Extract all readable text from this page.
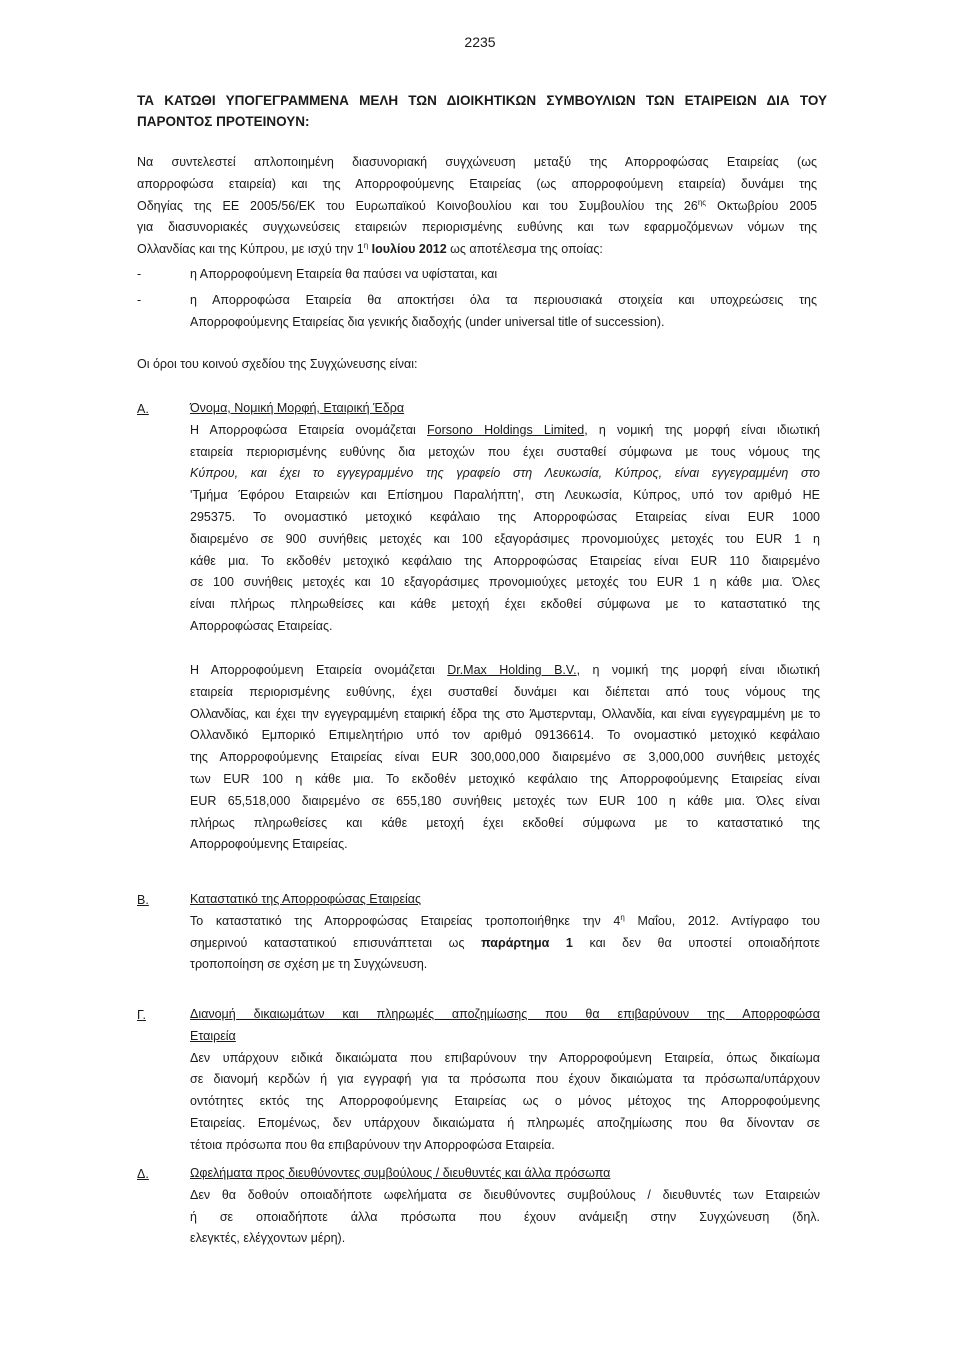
2235
ΤΑ ΚΑΤΩΘΙ ΥΠΟΓΕΓΡΑΜΜΕΝΑ ΜΕΛΗ ΤΩΝ ΔΙΟΙΚΗΤΙΚΩΝ ΣΥΜΒΟΥΛΙΩΝ ΤΩΝ ΕΤΑΙΡΕΙΩΝ ΔΙΑ ΤΟΥ
ΠΑΡΟΝΤΟΣ ΠΡΟΤΕΙΝΟΥΝ:
Να συντελεστεί απλοποιημένη διασυνοριακή συγχώνευση μεταξύ της Απορροφώσας Εταιρείας (ως
απορροφώσα εταιρεία) και της Απορροφούμενης Εταιρείας (ως απορροφούμενη εταιρεία) δυνάμει της
Οδηγίας της ΕΕ 2005/56/ΕΚ του Ευρωπαϊκού Κοινοβουλίου και του Συμβουλίου της $26^{\eta\varsigma}$ Οκτωβρίου 2005
για διασυνοριακές συγχωνεύσεις εταιρειών περιορισμένης ευθύνης και των εφαρμοζόμενων νόμων της
Ολλανδίας και της Κύπρου, με ισχύ την $1^\eta$ Ιουλίου 2012 ως αποτέλεσμα της οποίας:
-	η Απορροφούμενη Εταιρεία θα παύσει να υφίσταται, και
-	η Απορροφώσα Εταιρεία θα αποκτήσει όλα τα περιουσιακά στοιχεία και υποχρεώσεις της
Απορροφούμενης Εταιρείας δια γενικής διαδοχής (under universal title of succession).
Οι όροι του κοινού σχεδίου της Συγχώνευσης είναι:
Α.	Όνομα, Νομική Μορφή, Εταιρική Έδρα
Η Απορροφώσα Εταιρεία ονομάζεται Forsono Holdings Limited, η νομική της μορφή είναι ιδιωτική
εταιρεία περιορισμένης ευθύνης δια μετοχών που έχει συσταθεί σύμφωνα με τους νόμους της
Κύπρου, και έχει το εγγεγραμμένο της γραφείο στη Λευκωσία, Κύπρος, είναι εγγεγραμμένη στο
'Τμήμα Έφόρου Εταιρειών και Επίσημου Παραλήπτη', στη Λευκωσία, Κύπρος, υπό τον αριθμό ΗΕ
295375. Το ονομαστικό μετοχικό κεφάλαιο της Απορροφώσας Εταιρείας είναι EUR 1000
διαιρεμένο σε 900 συνήθεις μετοχές και 100 εξαγοράσιμες προνομιούχες μετοχές του EUR 1 η
κάθε μια. Το εκδοθέν μετοχικό κεφάλαιο της Απορροφώσας Εταιρείας είναι EUR 110 διαιρεμένο
σε 100 συνήθεις μετοχές και 10 εξαγοράσιμες προνομιούχες μετοχές του EUR 1 η κάθε μια. Όλες
είναι πλήρως πληρωθείσες και κάθε μετοχή έχει εκδοθεί σύμφωνα με το καταστατικό της
Απορροφώσας Εταιρείας.
Η Απορροφούμενη Εταιρεία ονομάζεται Dr.Max Holding B.V., η νομική της μορφή είναι ιδιωτική
εταιρεία περιορισμένης ευθύνης, έχει συσταθεί δυνάμει και διέπεται από τους νόμους της
Ολλανδίας, και έχει την εγγεγραμμένη εταιρική έδρα της στο Άμστερνταμ, Ολλανδία, και είναι εγγεγραμμένη με το
Ολλανδικό Εμπορικό Επιμελητήριο υπό τον αριθμό 09136614. Το ονομαστικό μετοχικό κεφάλαιο
της Απορροφούμενης Εταιρείας είναι EUR 300,000,000 διαιρεμένο σε 3,000,000 συνήθεις μετοχές
των EUR 100 η κάθε μια. Το εκδοθέν μετοχικό κεφάλαιο της Απορροφούμενης Εταιρείας είναι
EUR 65,518,000 διαιρεμένο σε 655,180 συνήθεις μετοχές των EUR 100 η κάθε μια. Όλες είναι
πλήρως πληρωθείσες και κάθε μετοχή έχει εκδοθεί σύμφωνα με το καταστατικό της
Απορροφούμενης Εταιρείας.
Β.	Καταστατικό της Απορροφώσας Εταιρείας
Το καταστατικό της Απορροφώσας Εταιρείας τροποποιήθηκε την $4^\eta$ Μαΐου, 2012. Αντίγραφο του
σημερινού καταστατικού επισυνάπτεται ως παράρτημα 1 και δεν θα υποστεί οποιαδήποτε
τροποποίηση σε σχέση με τη Συγχώνευση.
Γ.	Διανομή δικαιωμάτων και πληρωμές αποζημίωσης που θα επιβαρύνουν της Απορροφώσα
Εταιρεία
Δεν υπάρχουν ειδικά δικαιώματα που επιβαρύνουν την Απορροφούμενη Εταιρεία, όπως δικαίωμα
σε διανομή κερδών ή για εγγραφή για τα πρόσωπα που έχουν δικαιώματα τα πρόσωπα/υπάρχουν
οντότητες εκτός της Απορροφούμενης Εταιρείας ως ο μόνος μέτοχος της Απορροφούμενης
Εταιρείας. Επομένως, δεν υπάρχουν δικαιώματα ή πληρωμές αποζημίωσης που θα δίνονταν σε
τέτοια πρόσωπα που θα επιβαρύνουν την Απορροφώσα Εταιρεία.
Δ.	Ωφελήματα προς διευθύνοντες συμβούλους / διευθυντές και άλλα πρόσωπα
Δεν θα δοθούν οποιαδήποτε ωφελήματα σε διευθύνοντες συμβούλους / διευθυντές των Εταιρειών
ή σε οποιαδήποτε άλλα πρόσωπα που έχουν ανάμειξη στην Συγχώνευση (δηλ.
ελεγκτές, ελέγχοντων μέρη).
